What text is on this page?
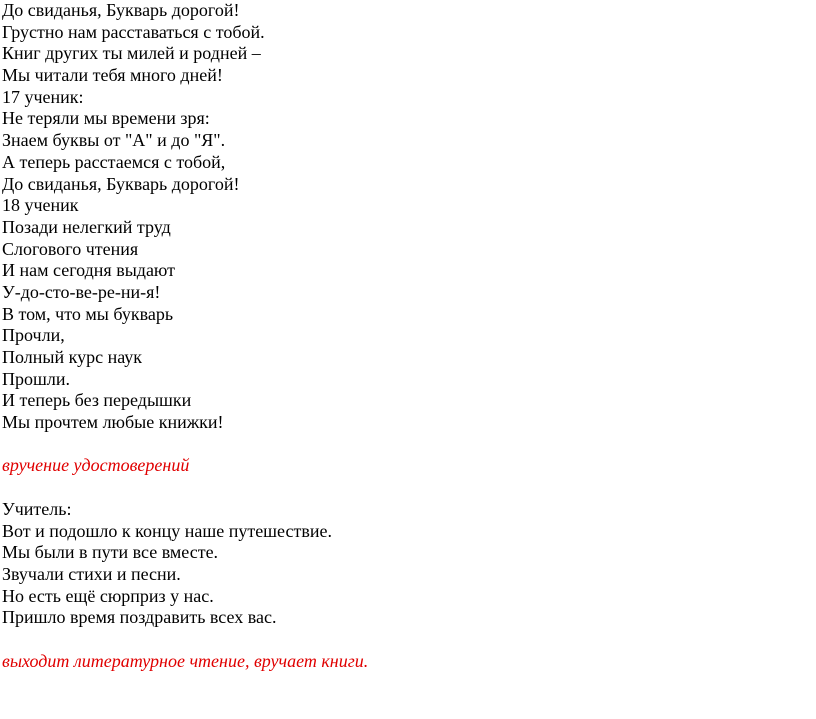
До свиданья, Букварь дорогой!
Грустно нам расставаться с тобой.
Книг других ты милей и родней –
Мы читали тебя много дней!
17 ученик:
Не теряли мы времени зря:
Знаем буквы от "А" и до "Я".
А теперь расстаемся с тобой,
До свиданья, Букварь дорогой!
18 ученик
Позади нелегкий труд
Слогового чтения
И нам сегодня выдают
У-до-сто-ве-ре-ни-я!
В том, что мы букварь
Прочли,
Полный курс наук
Прошли.
И теперь без передышки
Мы прочтем любые книжки!
вручение удостоверений
Учитель:
Вот и подошло к концу наше путешествие.
Мы были в пути все вместе.
Звучали стихи и песни.
Но есть ещё сюрприз у нас.
Пришло время поздравить всех вас.
выходит литературное чтение, вручает книги.
